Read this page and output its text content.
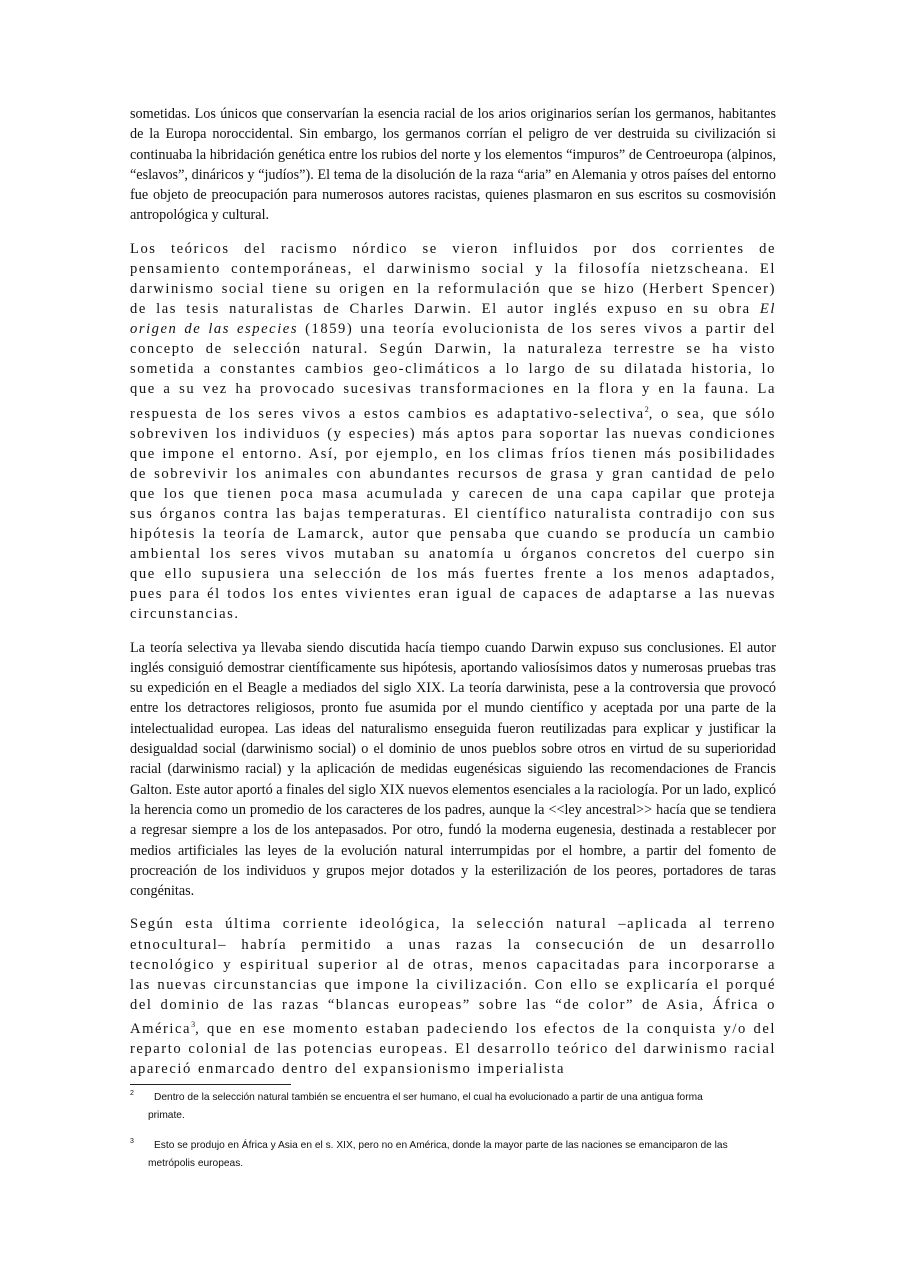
sometidas. Los únicos que conservarían la esencia racial de los arios originarios serían los germanos, habitantes de la Europa noroccidental. Sin embargo, los germanos corrían el peligro de ver destruida su civilización si continuaba la hibridación genética entre los rubios del norte y los elementos “impuros” de Centroeuropa (alpinos, “eslavos”, dináricos y “judíos”). El tema de la disolución de la raza “aria” en Alemania y otros países del entorno fue objeto de preocupación para numerosos autores racistas, quienes plasmaron en sus escritos su cosmovisión antropológica y cultural.

Los teóricos del racismo nórdico se vieron influidos por dos corrientes de pensamiento contemporáneas, el darwinismo social y la filosofía nietzscheana. El darwinismo social tiene su origen en la reformulación que se hizo (Herbert Spencer) de las tesis naturalistas de Charles Darwin. El autor inglés expuso en su obra El origen de las especies (1859) una teoría evolucionista de los seres vivos a partir del concepto de selección natural. Según Darwin, la naturaleza terrestre se ha visto sometida a constantes cambios geo-climáticos a lo largo de su dilatada historia, lo que a su vez ha provocado sucesivas transformaciones en la flora y en la fauna. La respuesta de los seres vivos a estos cambios es adaptativo-selectiva$^2$, o sea, que sólo sobreviven los individuos (y especies) más aptos para soportar las nuevas condiciones que impone el entorno. Así, por ejemplo, en los climas fríos tienen más posibilidades de sobrevivir los animales con abundantes recursos de grasa y gran cantidad de pelo que los que tienen poca masa acumulada y carecen de una capa capilar que proteja sus órganos contra las bajas temperaturas. El científico naturalista contradijo con sus hipótesis la teoría de Lamarck, autor que pensaba que cuando se producía un cambio ambiental los seres vivos mutaban su anatomía u órganos concretos del cuerpo sin que ello supusiera una selección de los más fuertes frente a los menos adaptados, pues para él todos los entes vivientes eran igual de capaces de adaptarse a las nuevas circunstancias.

La teoría selectiva ya llevaba siendo discutida hacía tiempo cuando Darwin expuso sus conclusiones. El autor inglés consiguió demostrar científicamente sus hipótesis, aportando valiosísimos datos y numerosas pruebas tras su expedición en el Beagle a mediados del siglo XIX. La teoría darwinista, pese a la controversia que provocó entre los detractores religiosos, pronto fue asumida por el mundo científico y aceptada por una parte de la intelectualidad europea. Las ideas del naturalismo enseguida fueron reutilizadas para explicar y justificar la desigualdad social (darwinismo social) o el dominio de unos pueblos sobre otros en virtud de su superioridad racial (darwinismo racial) y la aplicación de medidas eugenésicas siguiendo las recomendaciones de Francis Galton. Este autor aportó a finales del siglo XIX nuevos elementos esenciales a la raciología. Por un lado, explicó la herencia como un promedio de los caracteres de los padres, aunque la <<ley ancestral>> hacía que se tendiera a regresar siempre a los de los antepasados. Por otro, fundó la moderna eugenesia, destinada a restablecer por medios artificiales las leyes de la evolución natural interrumpidas por el hombre, a partir del fomento de procreación de los individuos y grupos mejor dotados y la esterilización de los peores, portadores de taras congénitas.

Según esta última corriente ideológica, la selección natural –aplicada al terreno etnocultural– habría permitido a unas razas la consecución de un desarrollo tecnológico y espiritual superior al de otras, menos capacitadas para incorporarse a las nuevas circunstancias que impone la civilización. Con ello se explicaría el porqué del dominio de las razas “blancas europeas” sobre las “de color” de Asia, África o América$^3$, que en ese momento estaban padeciendo los efectos de la conquista y/o del reparto colonial de las potencias europeas. El desarrollo teórico del darwinismo racial apareció enmarcado dentro del expansionismo imperialista

2	Dentro de la selección natural también se encuentra el ser humano, el cual ha evolucionado a partir de una antigua forma
primate.
3	Esto se produjo en África y Asia en el s. XIX, pero no en América, donde la mayor parte de las naciones se emanciparon de las
metrópolis europeas.
